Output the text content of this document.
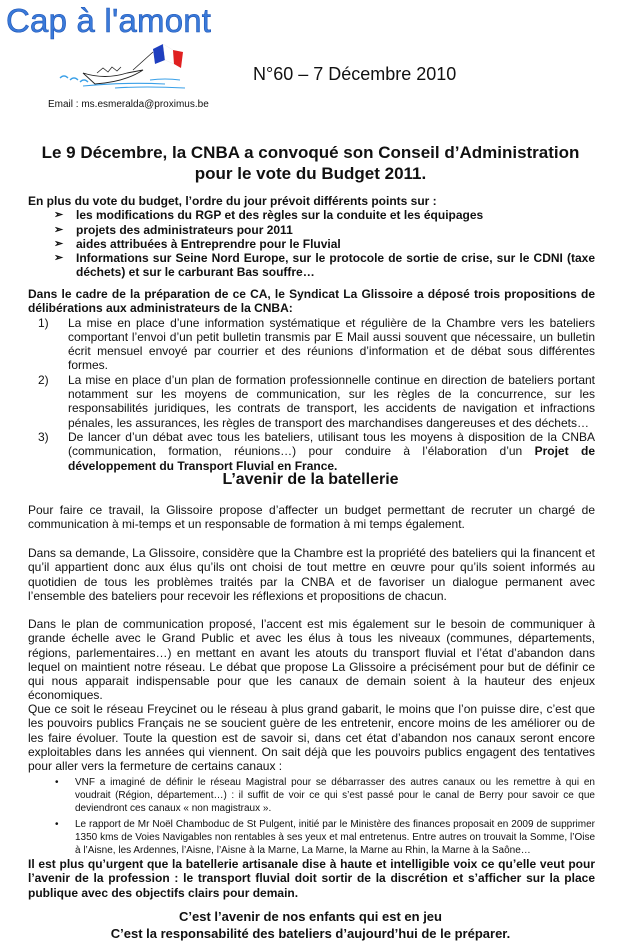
Cap à l'amont
N°60 – 7 Décembre 2010
Email : ms.esmeralda@proximus.be
Le 9 Décembre, la CNBA a convoqué son Conseil d’Administration
pour le vote du Budget 2011.
En plus du vote du budget, l’ordre du jour prévoit différents points sur :
➢ les modifications du RGP et des règles sur la conduite et les équipages
➢ projets des administrateurs pour 2011
➢ aides attribuées à Entreprendre pour le Fluvial
➢ Informations sur Seine Nord Europe, sur le protocole de sortie de crise, sur le CDNI (taxe déchets) et sur le carburant Bas souffre…
Dans le cadre de la préparation de ce CA, le Syndicat La Glissoire a déposé trois propositions de délibérations aux administrateurs de la CNBA:
1) La mise en place d’une information systématique et régulière de la Chambre vers les bateliers comportant l’envoi d’un petit bulletin transmis par E Mail aussi souvent que nécessaire, un bulletin écrit mensuel envoyé par courrier et des réunions d’information et de débat sous différentes formes.
2) La mise en place d’un plan de formation professionnelle continue en direction de bateliers portant notamment sur les moyens de communication, sur les règles de la concurrence, sur les responsabilités juridiques, les contrats de transport, les accidents de navigation et infractions pénales, les assurances, les règles de transport des marchandises dangereuses et des déchets…
3) De lancer d’un débat avec tous les bateliers, utilisant tous les moyens à disposition de la CNBA (communication, formation, réunions…) pour conduire à l’élaboration d’un Projet de développement du Transport Fluvial en France.
L’avenir de la batellerie
Pour faire ce travail, la Glissoire propose d’affecter un budget permettant de recruter un chargé de communication à mi-temps et un responsable de formation à mi temps également.
Dans sa demande, La Glissoire, considère que la Chambre est la propriété des bateliers qui la financent et qu’il appartient donc aux élus qu’ils ont choisi de tout mettre en œuvre pour qu’ils soient informés au quotidien de tous les problèmes traités par la CNBA et de favoriser un dialogue permanent avec l’ensemble des bateliers pour recevoir les réflexions et propositions de chacun.
Dans le plan de communication proposé, l’accent est mis également sur le besoin de communiquer à grande échelle avec le Grand Public et avec les élus à tous les niveaux (communes, départements, régions, parlementaires…) en mettant en avant les atouts du transport fluvial et l’état d’abandon dans lequel on maintient notre réseau. Le débat que propose La Glissoire a précisément pour but de définir ce qui nous apparait indispensable pour que les canaux de demain soient à la hauteur des enjeux économiques.
Que ce soit le réseau Freycinet ou le réseau à plus grand gabarit, le moins que l’on puisse dire, c’est que les pouvoirs publics Français ne se soucient guère de les entretenir, encore moins de les améliorer ou de les faire évoluer. Toute la question est de savoir si, dans cet état d’abandon nos canaux seront encore exploitables dans les années qui viennent. On sait déjà que les pouvoirs publics engagent des tentatives pour aller vers la fermeture de certains canaux :
• VNF a imaginé de définir le réseau Magistral pour se débarrasser des autres canaux ou les remettre à qui en voudrait (Région, département…) : il suffit de voir ce qui s’est passé pour le canal de Berry pour savoir ce que deviendront ces canaux « non magistraux ».
• Le rapport de Mr Noël Chamboduc de St Pulgent, initié par le Ministère des finances proposait en 2009 de supprimer 1350 kms de Voies Navigables non rentables à ses yeux et mal entretenus. Entre autres on trouvait la Somme, l’Oise à l’Aisne, les Ardennes, l’Aisne, l’Aisne à la Marne, La Marne, la Marne au Rhin, la Marne à la Saône…
Il est plus qu’urgent que la batellerie artisanale dise à haute et intelligible voix ce qu’elle veut pour l’avenir de la profession : le transport fluvial doit sortir de la discrétion et s’afficher sur la place publique avec des objectifs clairs pour demain.
C’est l’avenir de nos enfants qui est en jeu
C’est la responsabilité des bateliers d’aujourd’hui de le préparer.
